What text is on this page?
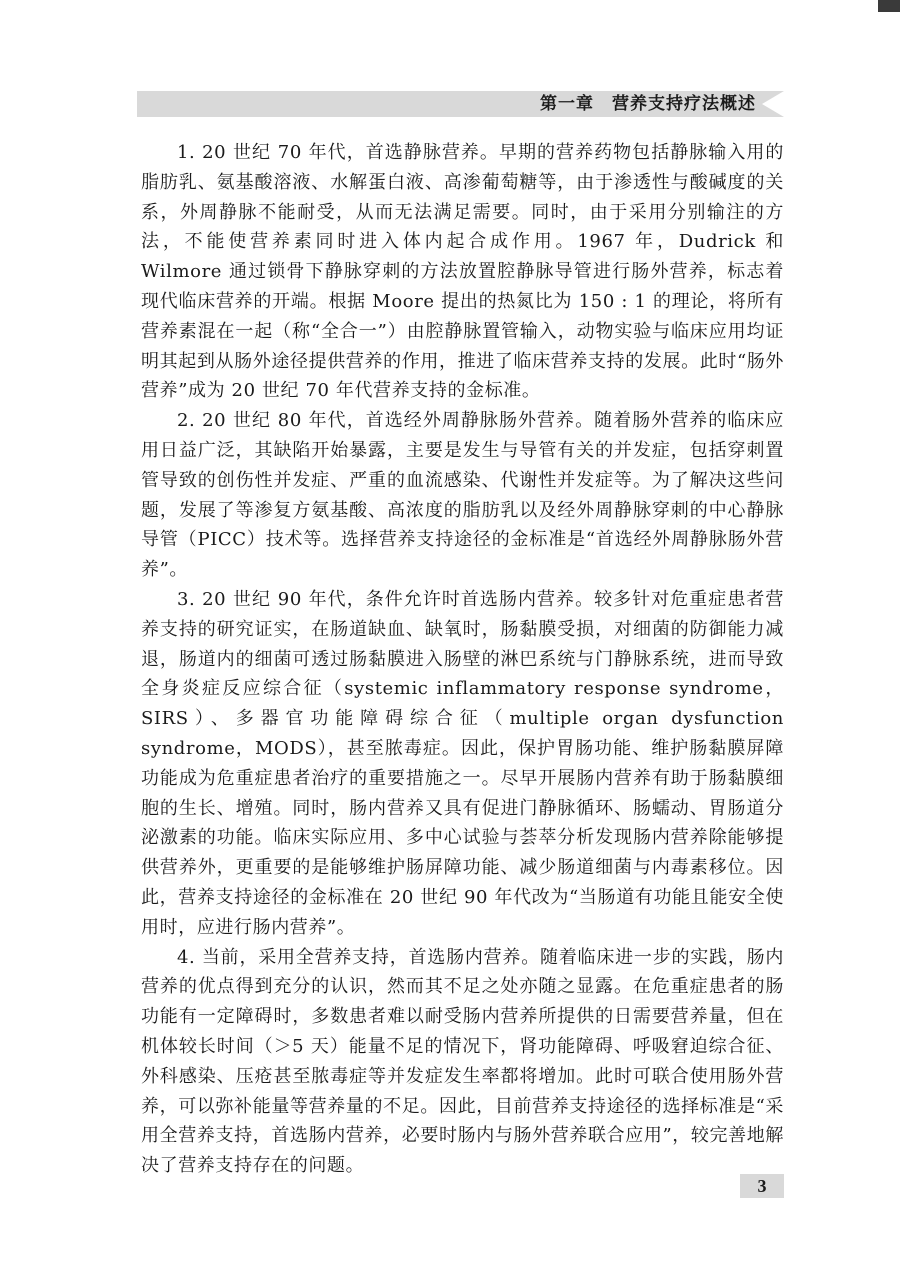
第一章　营养支持疗法概述

1. 20 世纪 70 年代，首选静脉营养。早期的营养药物包括静脉输入用的脂肪乳、氨基酸溶液、水解蛋白液、高渗葡萄糖等，由于渗透性与酸碱度的关系，外周静脉不能耐受，从而无法满足需要。同时，由于采用分别输注的方法，不能使营养素同时进入体内起合成作用。1967 年，Dudrick 和 Wilmore 通过锁骨下静脉穿刺的方法放置腔静脉导管进行肠外营养，标志着现代临床营养的开端。根据 Moore 提出的热氮比为 150 : 1 的理论，将所有营养素混在一起（称“全合一”）由腔静脉置管输入，动物实验与临床应用均证明其起到从肠外途径提供营养的作用，推进了临床营养支持的发展。此时“肠外营养”成为 20 世纪 70 年代营养支持的金标准。

2. 20 世纪 80 年代，首选经外周静脉肠外营养。随着肠外营养的临床应用日益广泛，其缺陷开始暴露，主要是发生与导管有关的并发症，包括穿刺置管导致的创伤性并发症、严重的血流感染、代谢性并发症等。为了解决这些问题，发展了等渗复方氨基酸、高浓度的脂肪乳以及经外周静脉穿刺的中心静脉导管（PICC）技术等。选择营养支持途径的金标准是“首选经外周静脉肠外营养”。

3. 20 世纪 90 年代，条件允许时首选肠内营养。较多针对危重症患者营养支持的研究证实，在肠道缺血、缺氧时，肠黏膜受损，对细菌的防御能力减退，肠道内的细菌可透过肠黏膜进入肠壁的淋巴系统与门静脉系统，进而导致全身炎症反应综合征（systemic inflammatory response syndrome，SIRS）、多器官功能障碍综合征（multiple organ dysfunction syndrome，MODS），甚至脓毒症。因此，保护胃肠功能、维护肠黏膜屏障功能成为危重症患者治疗的重要措施之一。尽早开展肠内营养有助于肠黏膜细胞的生长、增殖。同时，肠内营养又具有促进门静脉循环、肠蠕动、胃肠道分泌激素的功能。临床实际应用、多中心试验与荟萃分析发现肠内营养除能够提供营养外，更重要的是能够维护肠屏障功能、减少肠道细菌与内毒素移位。因此，营养支持途径的金标准在 20 世纪 90 年代改为“当肠道有功能且能安全使用时，应进行肠内营养”。

4. 当前，采用全营养支持，首选肠内营养。随着临床进一步的实践，肠内营养的优点得到充分的认识，然而其不足之处亦随之显露。在危重症患者的肠功能有一定障碍时，多数患者难以耐受肠内营养所提供的日需要营养量，但在机体较长时间（＞5 天）能量不足的情况下，肾功能障碍、呼吸窘迫综合征、外科感染、压疮甚至脓毒症等并发症发生率都将增加。此时可联合使用肠外营养，可以弥补能量等营养量的不足。因此，目前营养支持途径的选择标准是“采用全营养支持，首选肠内营养，必要时肠内与肠外营养联合应用”，较完善地解决了营养支持存在的问题。

3
